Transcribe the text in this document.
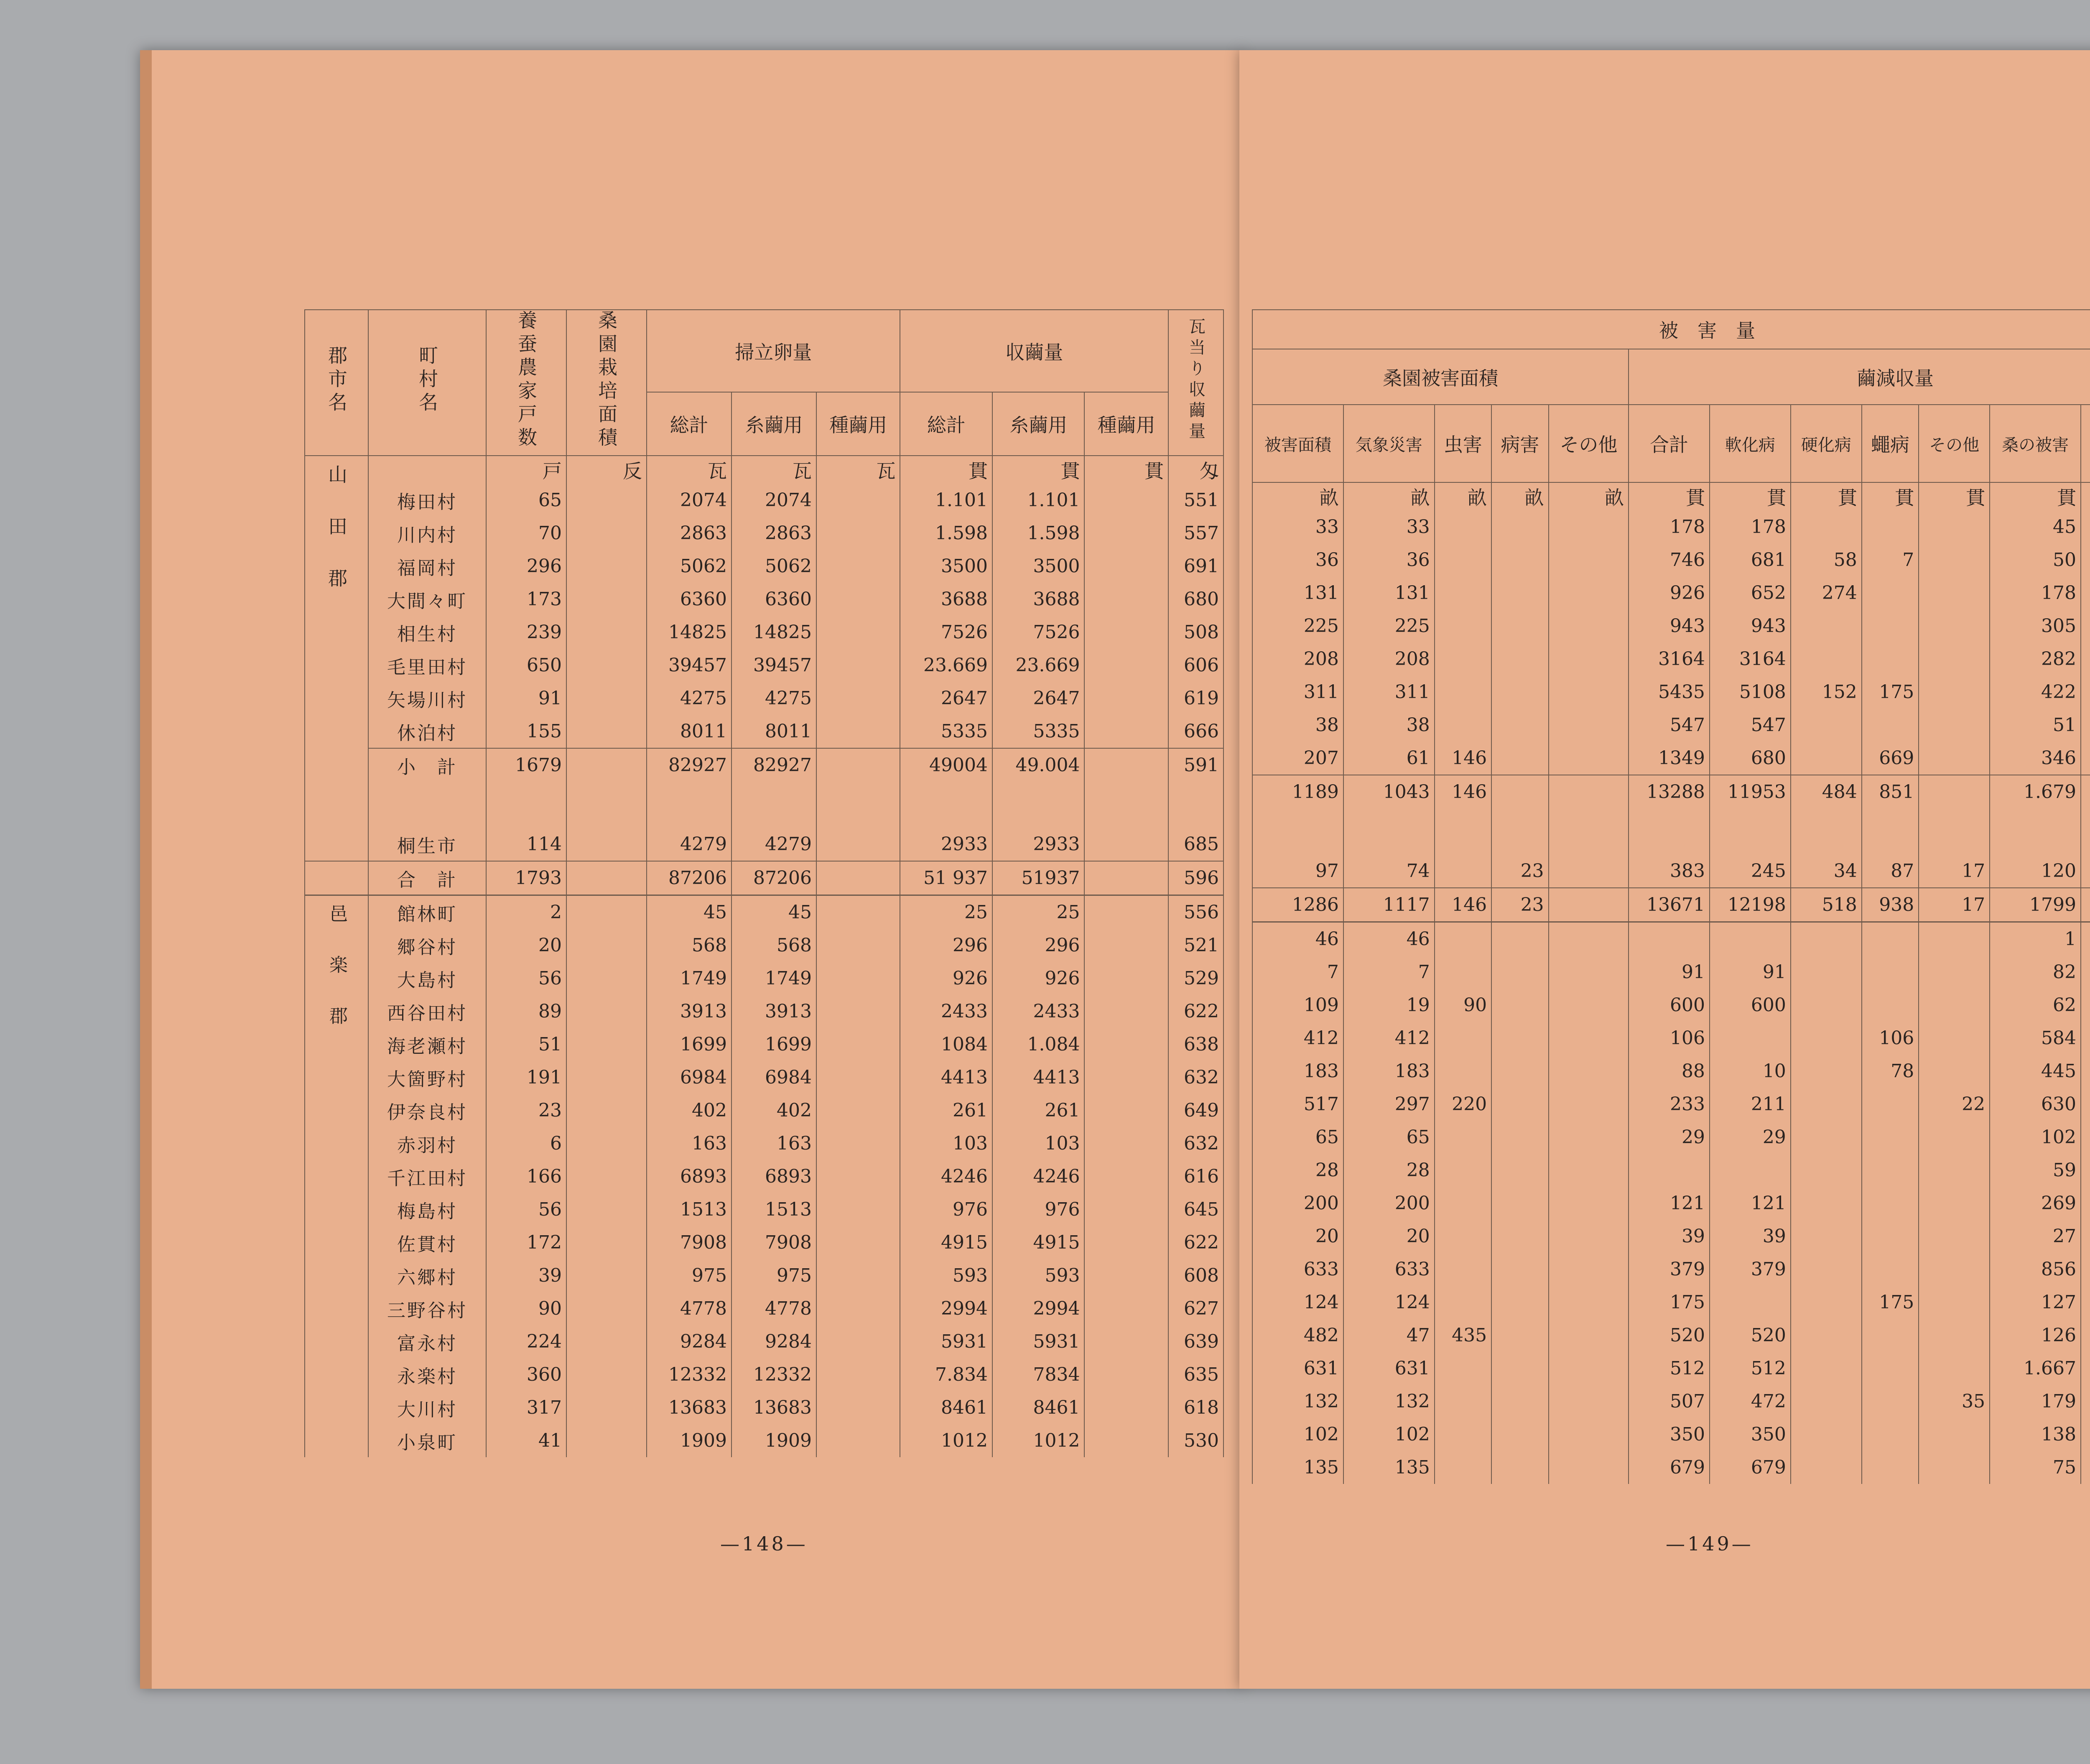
郡市名	町村名	養蚕農家戸数	桑園栽培面積	掃立卵量			収繭量			瓦当り収繭量
				総計	糸繭用	種繭用	総計	糸繭用	種繭用	

山田郡		戸	反	瓦	瓦	瓦	貫	貫	貫	匁
	梅田村	65		2074	2074		1.101	1.101		551
	川内村	70		2863	2863		1.598	1.598		557
	福岡村	296		5062	5062		3500	3500		691
	大間々町	173		6360	6360		3688	3688		680
	相生村	239		14825	14825		7526	7526		508
	毛里田村	650		39457	39457		23.669	23.669		606
	矢場川村	91		4275	4275		2647	2647		619
	休泊村	155		8011	8011		5335	5335		666
	小　計	1679		82927	82927		49004	49.004		591

	桐生市	114		4279	4279		2933	2933		685
	合　計	1793		87206	87206		51 937	51937		596

邑楽郡	館林町	2		45	45		25	25		556
	郷谷村	20		568	568		296	296		521
	大島村	56		1749	1749		926	926		529
	西谷田村	89		3913	3913		2433	2433		622
	海老瀬村	51		1699	1699		1084	1.084		638
	大箇野村	191		6984	6984		4413	4413		632
	伊奈良村	23		402	402		261	261		649
	赤羽村	6		163	163		103	103		632
	千江田村	166		6893	6893		4246	4246		616
	梅島村	56		1513	1513		976	976		645
	佐貫村	172		7908	7908		4915	4915		622
	六郷村	39		975	975		593	593		608
	三野谷村	90		4778	4778		2994	2994		627
	富永村	224		9284	9284		5931	5931		639
	永楽村	360		12332	12332		7.834	7834		635
	大川村	317		13683	13683		8461	8461		618
	小泉町	41		1909	1909		1012	1012		530
—148—
被　害　量	
桑園被害面積					繭減収量							
被害面積	気象災害	虫害	病害	その他	合計	軟化病	硬化病	蠅病	その他	桑の被害	
畝	畝	畝	畝	畝	貫	貫	貫	貫	貫	貫		
33	33				178	178				45		
36	36				746	681	58	7		50		
131	131				926	652	274			178		
225	225				943	943				305		
208	208				3164	3164				282		
311	311				5435	5108	152	175		422		
38	38				547	547				51		
207	61	146			1349	680		669		346		
1189	1043	146			13288	11953	484	851		1.679		

97	74		23		383	245	34	87	17	120		
1286	1117	146	23		13671	12198	518	938	17	1799		
46	46									1		
7	7				91	91				82		
109	19	90			600	600				62		
412	412				106			106		584		
183	183				88	10		78		445		
517	297	220			233	211			22	630		
65	65				29	29				102		
28	28									59		
200	200				121	121				269		
20	20				39	39				27		
633	633				379	379				856		
124	124				175			175		127		
482	47	435			520	520				126		
631	631				512	512				1.667		
132	132				507	472			35	179		
102	102				350	350				138		
135	135				679	679				75		
—149—
